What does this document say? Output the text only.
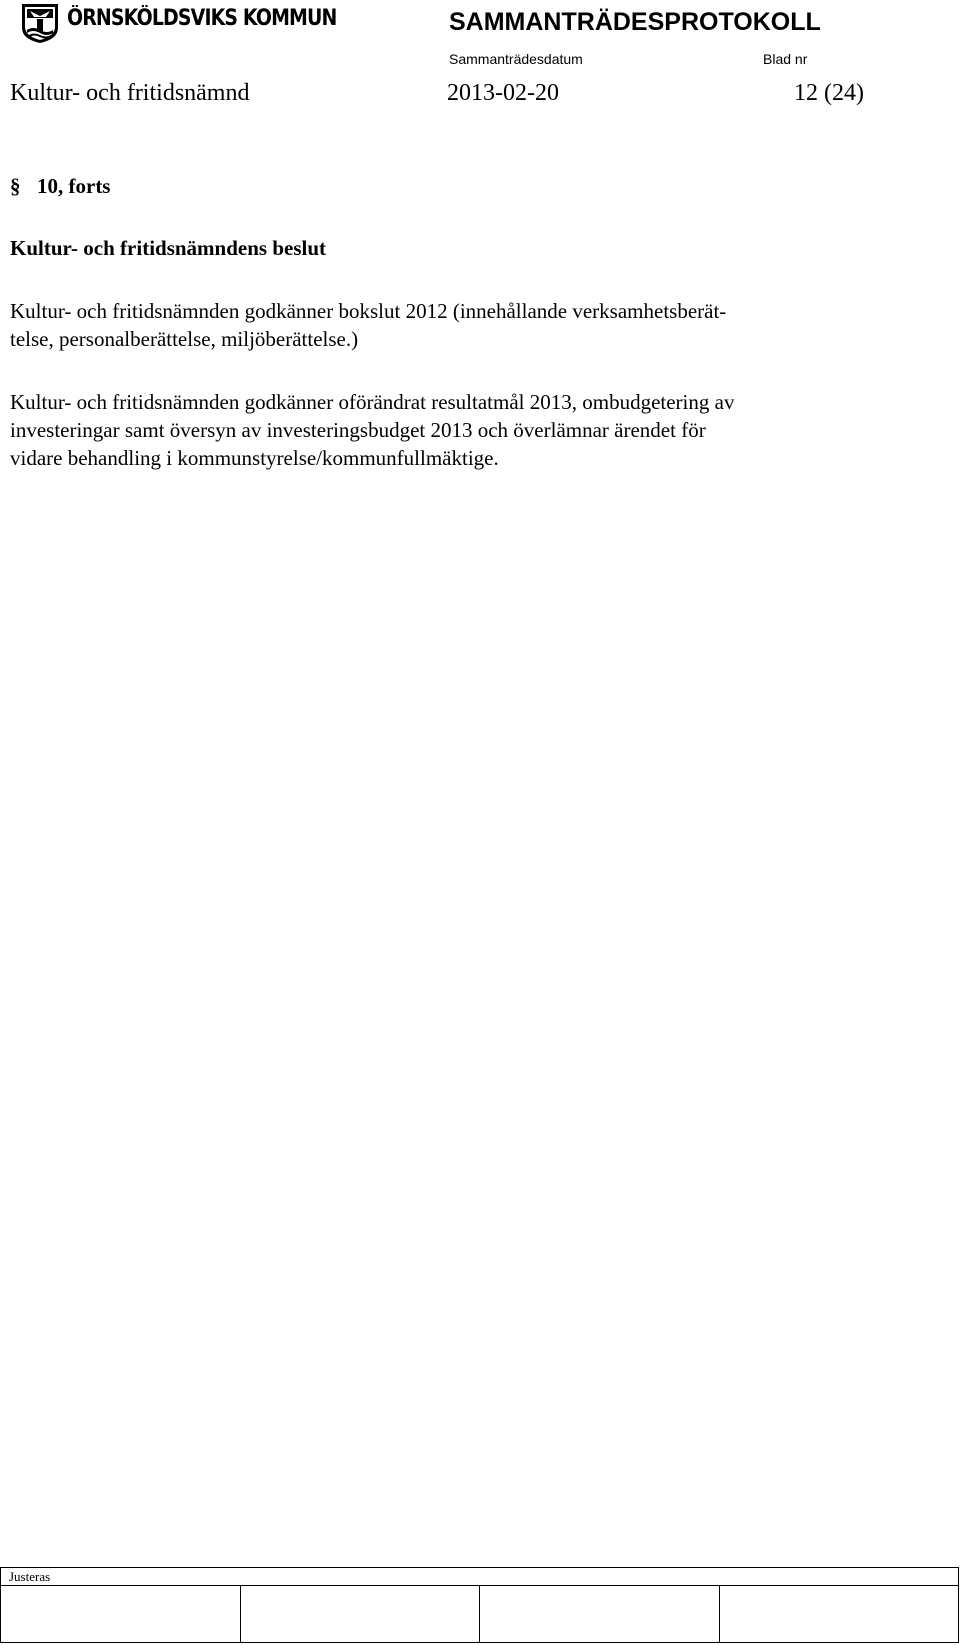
ÖRNSKÖLDSVIKS KOMMUN	SAMMANTRÄDESPROTOKOLL
Sammanträdesdatum	Blad nr
Kultur- och fritidsnämnd	2013-02-20	12 (24)
§ 10, forts
Kultur- och fritidsnämndens beslut
Kultur- och fritidsnämnden godkänner bokslut 2012 (innehållande verksamhetsberät-
telse, personalberättelse, miljöberättelse.)
Kultur- och fritidsnämnden godkänner oförändrat resultatmål 2013, ombudgetering av
investeringar samt översyn av investeringsbudget 2013 och överlämnar ärendet för
vidare behandling i kommunstyrelse/kommunfullmäktige.
Justeras
